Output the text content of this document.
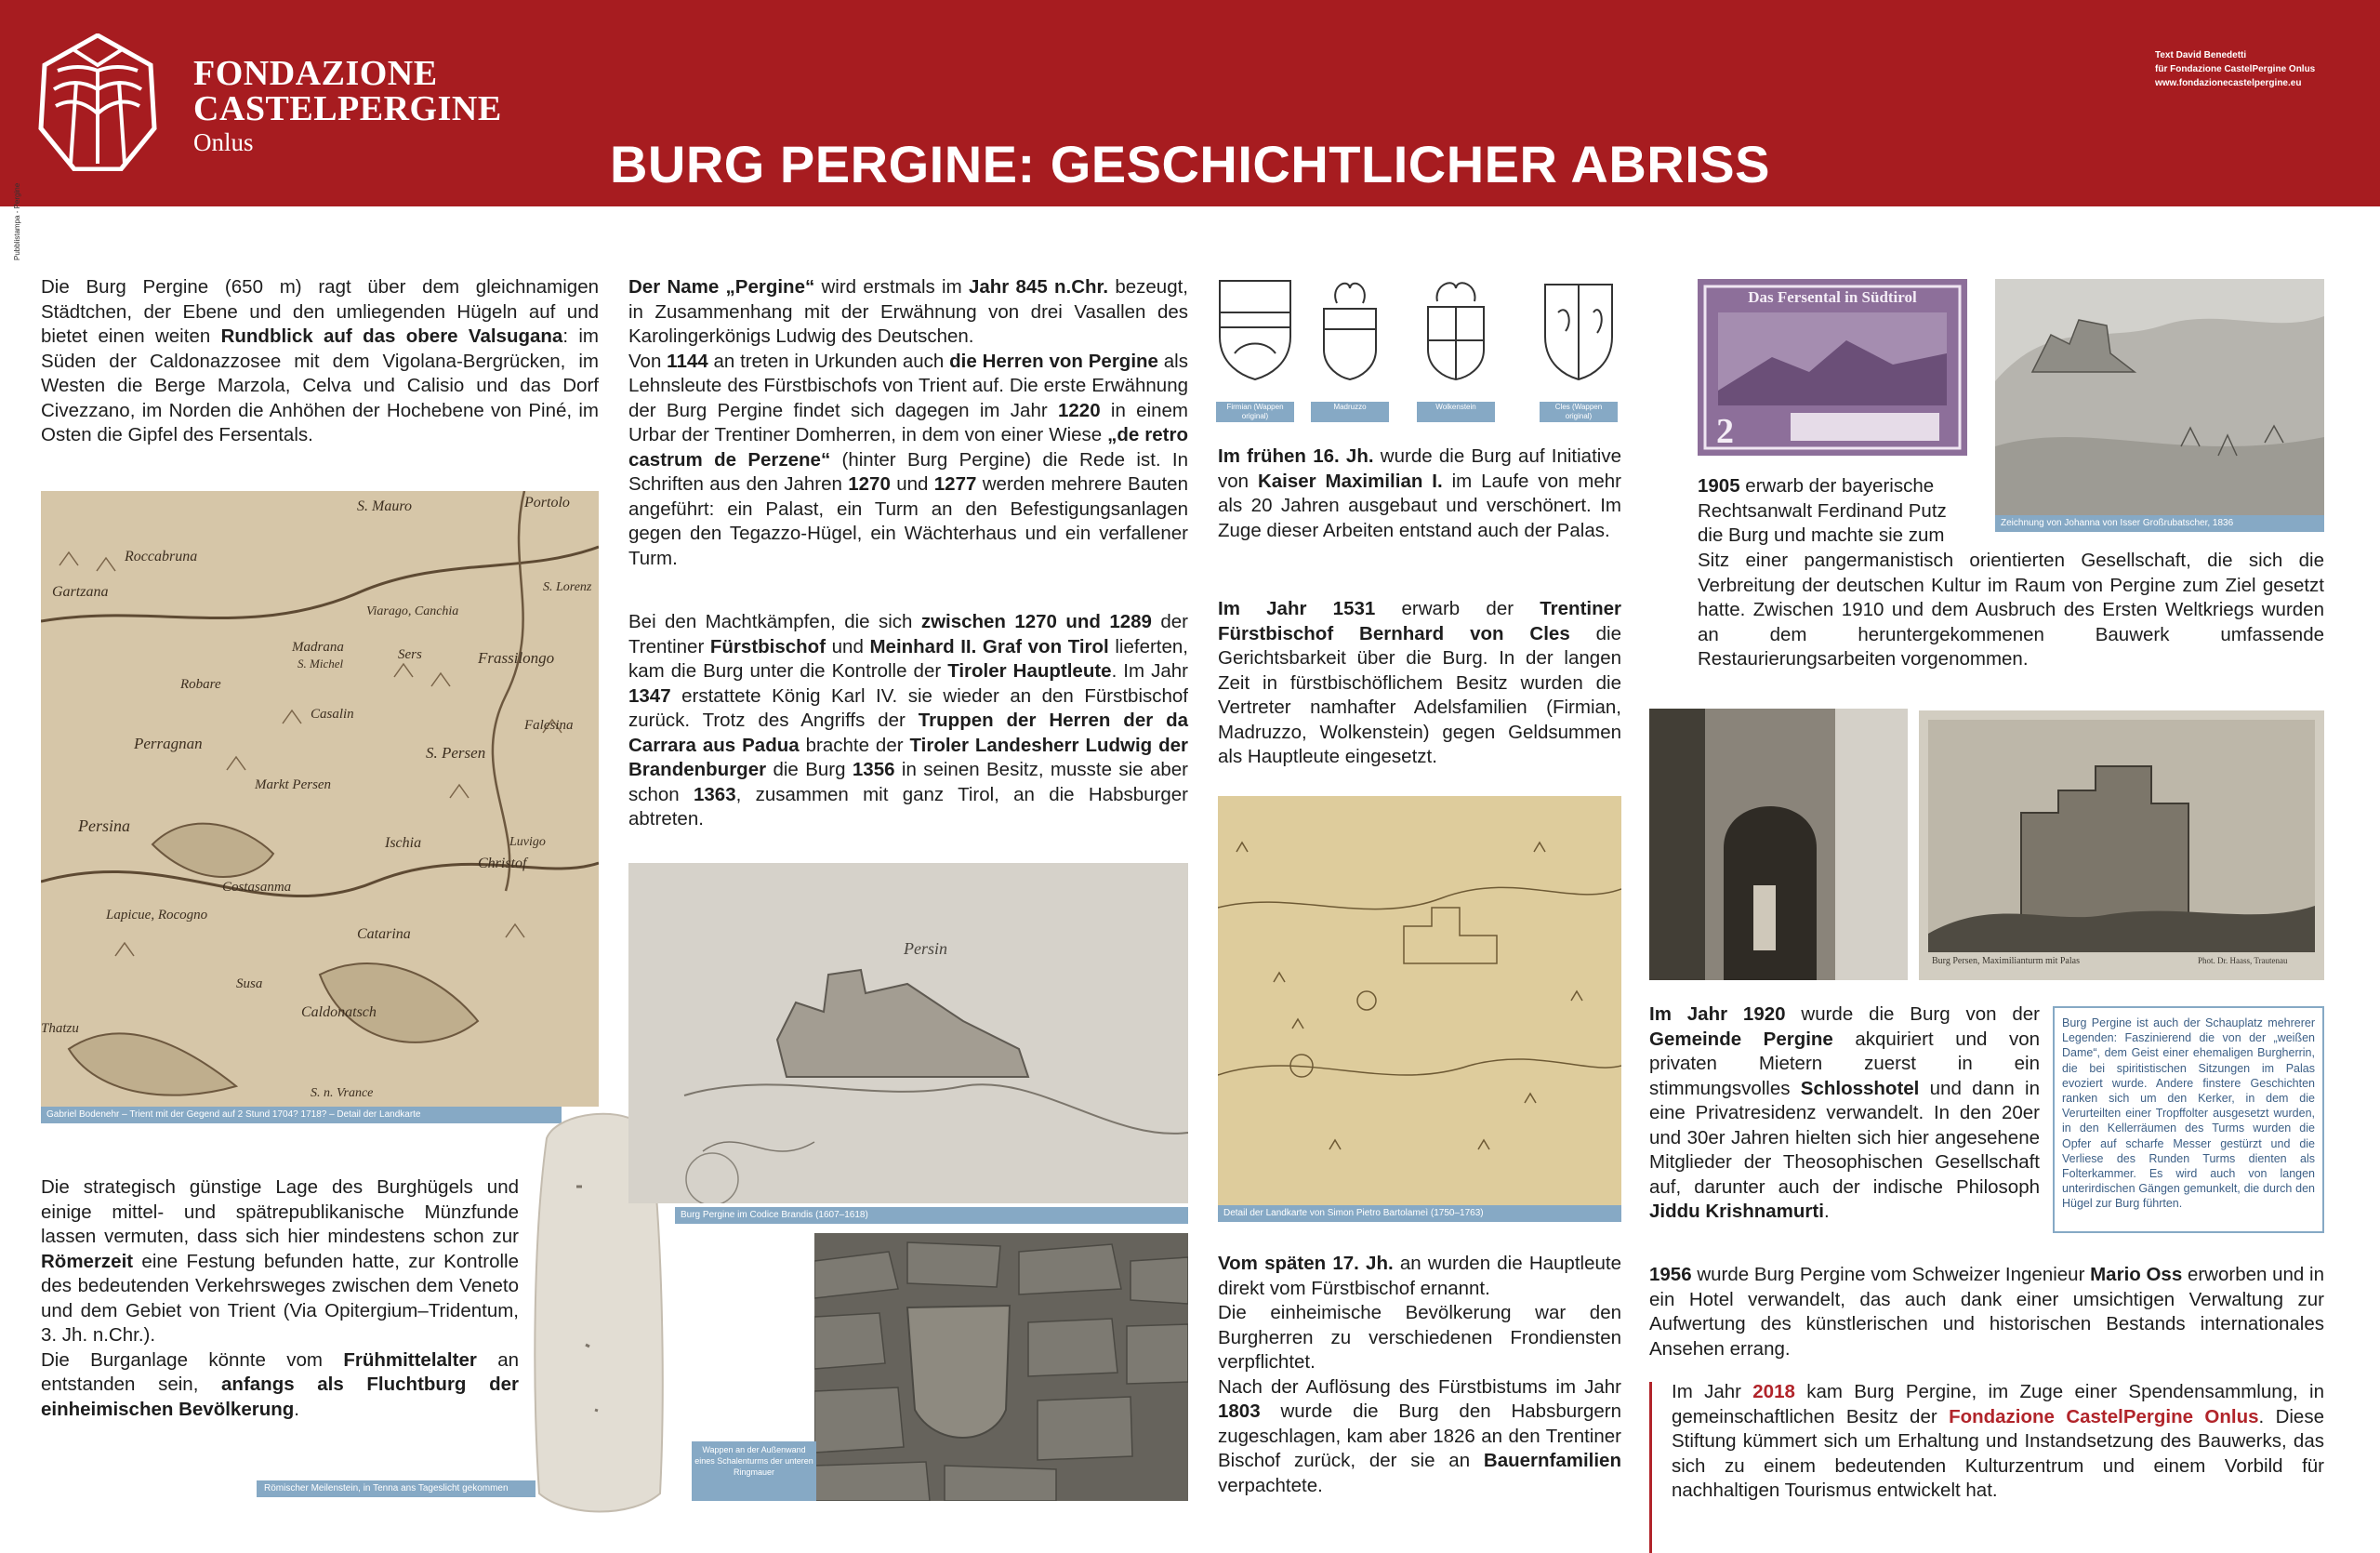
FONDAZIONE
CASTELPERGINE
Onlus
Text David Benedetti
für Fondazione CastelPergine Onlus
www.fondazionecastelpergine.eu
BURG PERGINE: GESCHICHTLICHER ABRISS
Pubblistampa - Pergine
Die Burg Pergine (650 m) ragt über dem gleichnamigen Städtchen, der Ebene und den umliegenden Hügeln auf und bietet einen weiten Rundblick auf das obere Valsugana: im Süden der Caldonazzosee mit dem Vigolana-Bergrücken, im Westen die Berge Marzola, Celva und Calisio und das Dorf Civezzano, im Norden die Anhöhen der Hochebene von Piné, im Osten die Gipfel des Fersentals.
S. Mauro	Portolo
Roccabruna
Gartzana
Viarago, Canchia
S. Lorenz
Madrana
S. Michel
Sers	Frassilongo
Robare
Casalin
Falesina
Perragnan
S. Persen
Markt Persen
Persina
Ischia
Costasanma
Luvigo
Christof
Lapicue, Rocogno
Catarina
Susa
Caldonatsch
Thatzu
S. n. Vrance
Gabriel Bodenehr – Trient mit der Gegend auf 2 Stund 1704? 1718? – Detail der Landkarte
Die strategisch günstige Lage des Burghügels und einige mittel- und spätrepublikanische Münzfunde lassen vermuten, dass sich hier mindestens schon zur Römerzeit eine Festung befunden hatte, zur Kontrolle des bedeutenden Verkehrsweges zwischen dem Veneto und dem Gebiet von Trient (Via Opitergium–Tridentum, 3. Jh. n.Chr.).
Die Burganlage könnte vom Frühmittelalter an entstanden sein, anfangs als Fluchtburg der einheimischen Bevölkerung.
Römischer Meilenstein, in Tenna ans Tageslicht gekommen
Der Name „Pergine“ wird erstmals im Jahr 845 n.Chr. bezeugt, in Zusammenhang mit der Erwähnung von drei Vasallen des Karolingerkönigs Ludwig des Deutschen.
Von 1144 an treten in Urkunden auch die Herren von Pergine als Lehnsleute des Fürstbischofs von Trient auf. Die erste Erwähnung der Burg Pergine findet sich dagegen im Jahr 1220 in einem Urbar der Trentiner Domherren, in dem von einer Wiese „de retro castrum de Perzene“ (hinter Burg Pergine) die Rede ist. In Schriften aus den Jahren 1270 und 1277 werden mehrere Bauten angeführt: ein Palast, ein Turm an den Befestigungsanlagen gegen den Tegazzo-Hügel, ein Wächterhaus und ein verfallener Turm.
Bei den Machtkämpfen, die sich zwischen 1270 und 1289 der Trentiner Fürstbischof und Meinhard II. Graf von Tirol lieferten, kam die Burg unter die Kontrolle der Tiroler Hauptleute. Im Jahr 1347 erstattete König Karl IV. sie wieder an den Fürstbischof zurück. Trotz des Angriffs der Truppen der Herren der da Carrara aus Padua brachte der Tiroler Landesherr Ludwig der Brandenburger die Burg 1356 in seinen Besitz, musste sie aber schon 1363, zusammen mit ganz Tirol, an die Habsburger abtreten.
Persin
Burg Pergine im Codice Brandis (1607–1618)
Wappen an der Außenwand eines Schalenturms der unteren Ringmauer
Firmian (Wappen original)
Madruzzo	Wolkenstein	Cles (Wappen original)
Im frühen 16. Jh. wurde die Burg auf Initiative von Kaiser Maximilian I. im Laufe von mehr als 20 Jahren ausgebaut und verschönert. Im Zuge dieser Arbeiten entstand auch der Palas.
Im Jahr 1531 erwarb der Trentiner Fürstbischof Bernhard von Cles die Gerichtsbarkeit über die Burg. In der langen Zeit in fürstbischöflichem Besitz wurden die Vertreter namhafter Adelsfamilien (Firmian, Madruzzo, Wolkenstein) gegen Geldsummen als Hauptleute eingesetzt.
Detail der Landkarte von Simon Pietro Bartolameì (1750–1763)
Vom späten 17. Jh. an wurden die Hauptleute direkt vom Fürstbischof ernannt.
Die einheimische Bevölkerung war den Burgherren zu verschiedenen Frondiensten verpflichtet.
Nach der Auflösung des Fürstbistums im Jahr 1803 wurde die Burg den Habsburgern zugeschlagen, kam aber 1826 an den Trentiner Bischof zurück, der sie an Bauernfamilien verpachtete.
Das Fersental in Südtirol
2
Zeichnung von Johanna von Isser Großrubatscher, 1836
1905 erwarb der bayerische Rechtsanwalt Ferdinand Putz die Burg und machte sie zum
Sitz einer pangermanistisch orientierten Gesellschaft, die sich die Verbreitung der deutschen Kultur im Raum von Pergine zum Ziel gesetzt hatte. Zwischen 1910 und dem Ausbruch des Ersten Weltkriegs wurden an dem heruntergekommenen Bauwerk umfassende Restaurierungsarbeiten vorgenommen.
Burg Persen, Maximilianturm mit Palas	Phot. Dr. Haass, Trautenau
Im Jahr 1920 wurde die Burg von der Gemeinde Pergine akquiriert und von privaten Mietern zuerst in ein stimmungsvolles Schlosshotel und dann in eine Privatresidenz verwandelt. In den 20er und 30er Jahren hielten sich hier angesehene Mitglieder der Theosophischen Gesellschaft auf, darunter auch der indische Philosoph Jiddu Krishnamurti.
Burg Pergine ist auch der Schauplatz mehrerer Legenden: Faszinierend die von der „weißen Dame“, dem Geist einer ehemaligen Burgherrin, die bei spiritistischen Sitzungen im Palas evoziert wurde. Andere finstere Geschichten ranken sich um den Kerker, in dem die Verurteilten einer Tropffolter ausgesetzt wurden, in den Kellerräumen des Turms wurden die Opfer auf scharfe Messer gestürzt und die Verliese des Runden Turms dienten als Folterkammer. Es wird auch von langen unterirdischen Gängen gemunkelt, die durch den Hügel zur Burg führten.
1956 wurde Burg Pergine vom Schweizer Ingenieur Mario Oss erworben und in ein Hotel verwandelt, das auch dank einer umsichtigen Verwaltung zur Aufwertung des künstlerischen und historischen Bestands internationales Ansehen errang.
Im Jahr 2018 kam Burg Pergine, im Zuge einer Spendensammlung, in gemeinschaftlichen Besitz der Fondazione CastelPergine Onlus. Diese Stiftung kümmert sich um Erhaltung und Instandsetzung des Bauwerks, das sich zu einem bedeutenden Kulturzentrum und einem Vorbild für nachhaltigen Tourismus entwickelt hat.
